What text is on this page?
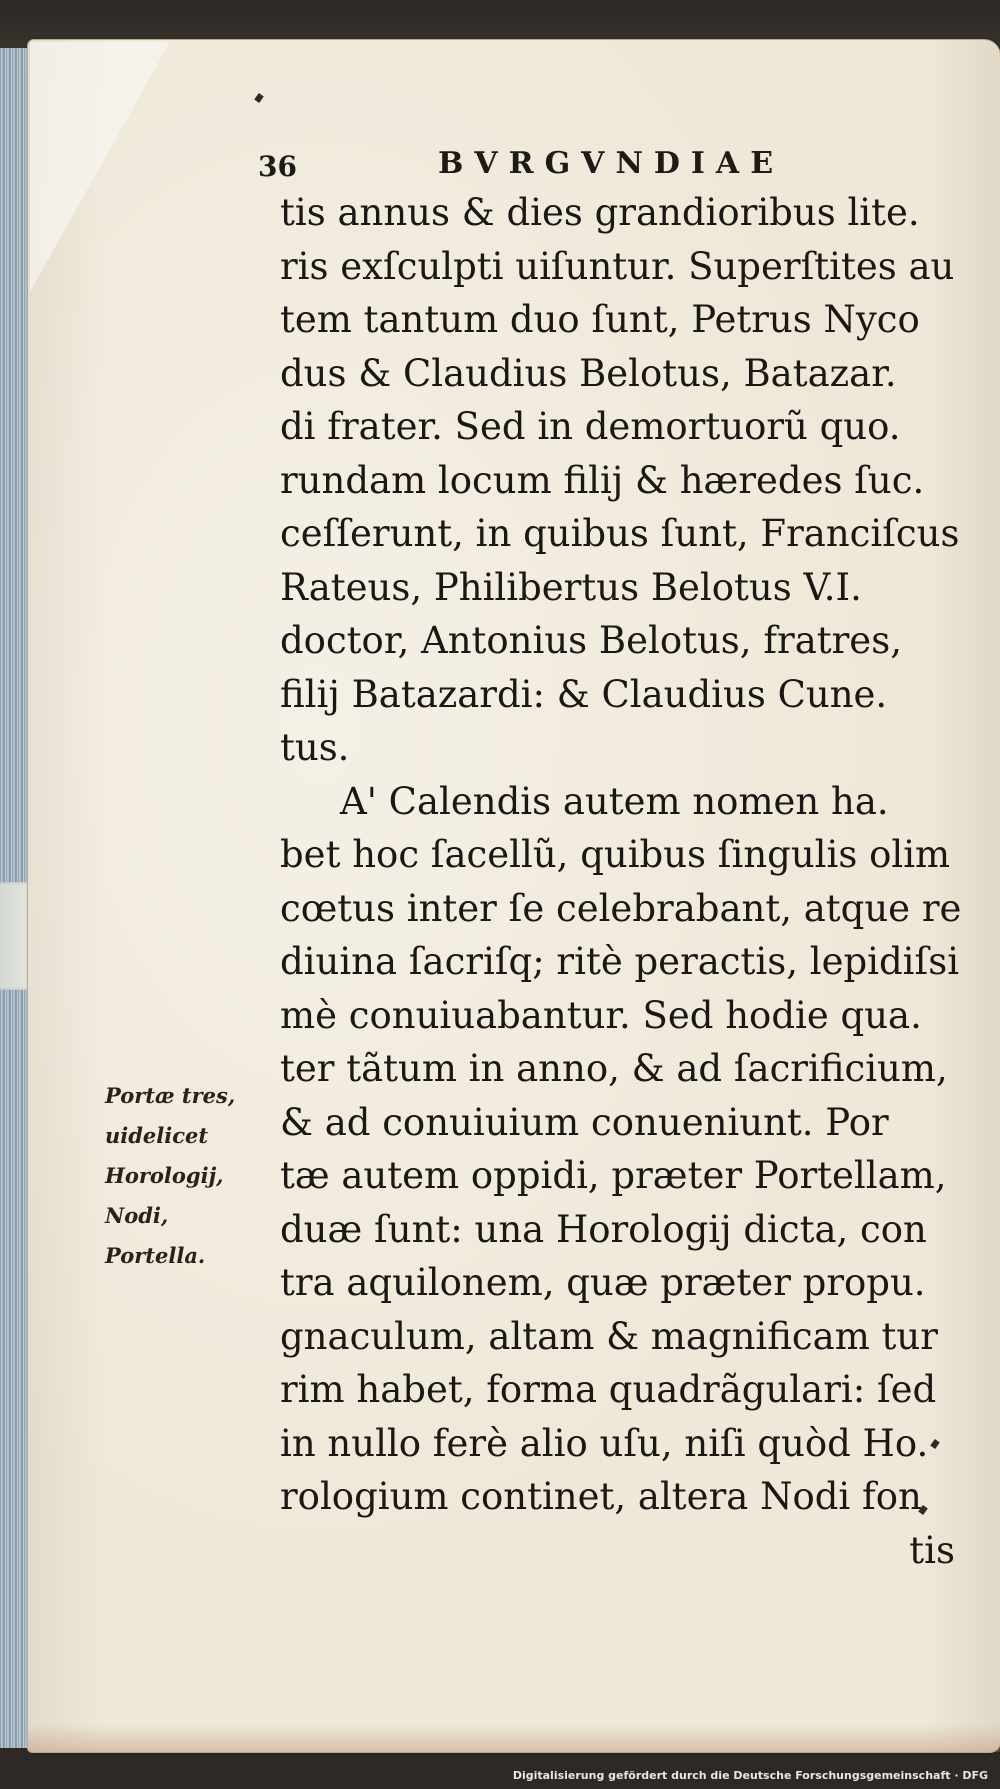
36	BVRGVNDIAE
tis annus & dies grandioribus lite.
ris exſculpti uiſuntur. Superſtites au
tem tantum duo ſunt, Petrus Nyco
dus & Claudius Belotus, Batazar.
di frater. Sed in demortuorũ quo.
rundam locum filij & hæredes ſuc.
ceſſerunt, in quibus ſunt, Franciſcus
Rateus, Philibertus Belotus V.I.
doctor, Antonius Belotus, fratres,
filij Batazardi: & Claudius Cune.
tus.
A' Calendis autem nomen ha.
bet hoc ſacellũ, quibus ſingulis olim
cœtus inter ſe celebrabant, atque re
diuina ſacriſq; ritè peractis, lepidiſsi
mè conuiuabantur. Sed hodie qua.
ter tãtum in anno, & ad ſacrificium,
& ad conuiuium conueniunt. Por
tæ autem oppidi, præter Portellam,
duæ ſunt: una Horologij dicta, con
tra aquilonem, quæ præter propu.
gnaculum, altam & magnificam tur
rim habet, forma quadrãgulari: ſed
in nullo ferè alio uſu, niſi quòd Ho.
rologium continet, altera Nodi fon
tis
Portæ tres,
uidelicet
Horologij,
Nodi,
Portella.
Digitalisierung gefördert durch die Deutsche Forschungsgemeinschaft · DFG
